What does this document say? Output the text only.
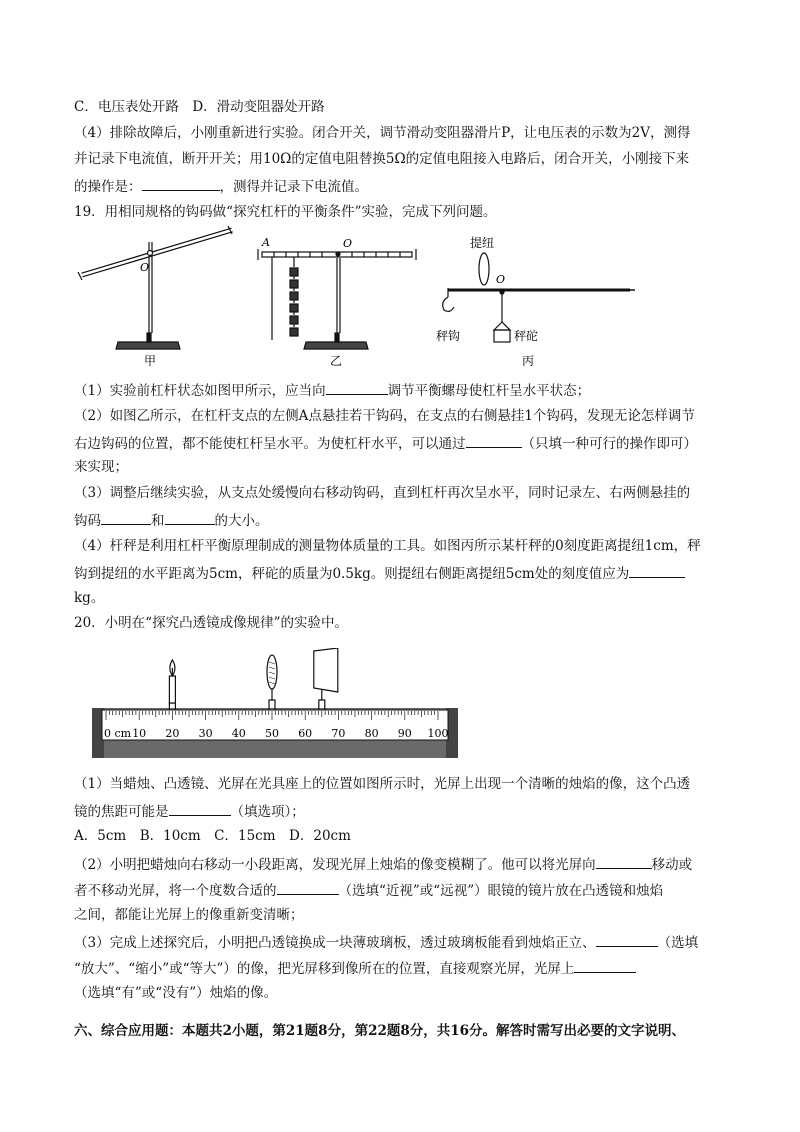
C．电压表处开路　D．滑动变阻器处开路
（4）排除故障后，小刚重新进行实验。闭合开关，调节滑动变阻器滑片P，让电压表的示数为2V，测得
并记录下电流值，断开开关；用10Ω的定值电阻替换5Ω的定值电阻接入电路后，闭合开关，小刚接下来
的操作是：	，测得并记录下电流值。
19．用相同规格的钩码做“探究杠杆的平衡条件”实验，完成下列问题。
O
甲
A	O
乙
提纽
O
秤钩	秤砣
丙
（1）实验前杠杆状态如图甲所示，应当向	调节平衡螺母使杠杆呈水平状态；
（2）如图乙所示，在杠杆支点的左侧A点悬挂若干钩码，在支点的右侧悬挂1个钩码，发现无论怎样调节
右边钩码的位置，都不能使杠杆呈水平。为使杠杆水平，可以通过	（只填一种可行的操作即可）
来实现；
（3）调整后继续实验，从支点处缓慢向右移动钩码，直到杠杆再次呈水平，同时记录左、右两侧悬挂的
钩码	和	的大小。
（4）杆秤是利用杠杆平衡原理制成的测量物体质量的工具。如图丙所示某杆秤的0刻度距离提纽1cm，秤
钩到提纽的水平距离为5cm，秤砣的质量为0.5kg。则提纽右侧距离提纽5cm处的刻度值应为
kg。
20．小明在“探究凸透镜成像规律”的实验中。
0 cm 10 20 30 40 50 60 70 80 90 100
（1）当蜡烛、凸透镜、光屏在光具座上的位置如图所示时，光屏上出现一个清晰的烛焰的像，这个凸透
镜的焦距可能是	（填选项）；
A．5cm　B．10cm　C．15cm　D．20cm
（2）小明把蜡烛向右移动一小段距离，发现光屏上烛焰的像变模糊了。他可以将光屏向	移动或
者不移动光屏，将一个度数合适的	（选填“近视”或“远视”）眼镜的镜片放在凸透镜和烛焰
之间，都能让光屏上的像重新变清晰；
（3）完成上述探究后，小明把凸透镜换成一块薄玻璃板，透过玻璃板能看到烛焰正立、	（选填
“放大”、“缩小”或“等大”）的像，把光屏移到像所在的位置，直接观察光屏，光屏上
（选填“有”或“没有”）烛焰的像。
六、综合应用题：本题共2小题，第21题8分，第22题8分，共16分。解答时需写出必要的文字说明、
